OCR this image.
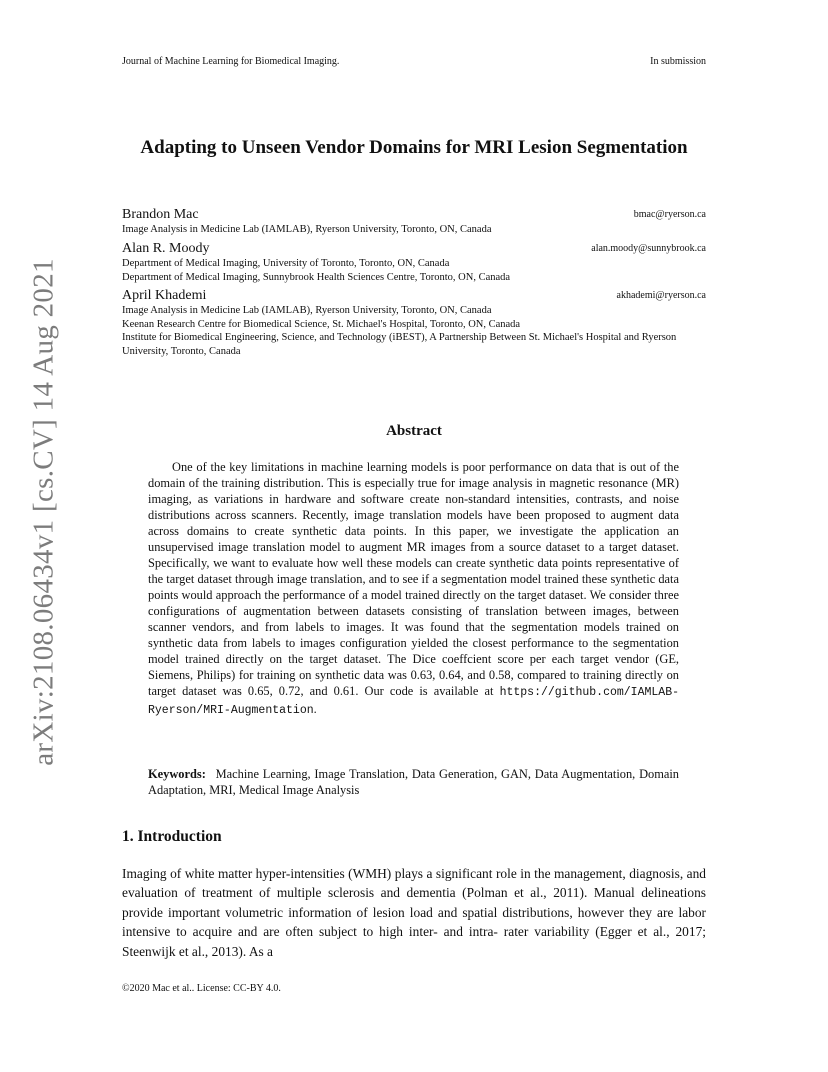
Journal of Machine Learning for Biomedical Imaging.	In submission
arXiv:2108.06434v1 [cs.CV] 14 Aug 2021
Adapting to Unseen Vendor Domains for MRI Lesion Segmentation
Brandon Mac	bmac@ryerson.ca
Image Analysis in Medicine Lab (IAMLAB), Ryerson University, Toronto, ON, Canada
Alan R. Moody	alan.moody@sunnybrook.ca
Department of Medical Imaging, University of Toronto, Toronto, ON, Canada
Department of Medical Imaging, Sunnybrook Health Sciences Centre, Toronto, ON, Canada
April Khademi	akhademi@ryerson.ca
Image Analysis in Medicine Lab (IAMLAB), Ryerson University, Toronto, ON, Canada
Keenan Research Centre for Biomedical Science, St. Michael's Hospital, Toronto, ON, Canada
Institute for Biomedical Engineering, Science, and Technology (iBEST), A Partnership Between St. Michael's Hospital and Ryerson University, Toronto, Canada
Abstract
One of the key limitations in machine learning models is poor performance on data that is out of the domain of the training distribution. This is especially true for image analysis in magnetic resonance (MR) imaging, as variations in hardware and software create non-standard intensities, contrasts, and noise distributions across scanners. Recently, image translation models have been proposed to augment data across domains to create synthetic data points. In this paper, we investigate the application an unsupervised image translation model to augment MR images from a source dataset to a target dataset. Specifically, we want to evaluate how well these models can create synthetic data points representative of the target dataset through image translation, and to see if a segmentation model trained these synthetic data points would approach the performance of a model trained directly on the target dataset. We consider three configurations of augmentation between datasets consisting of translation between images, between scanner vendors, and from labels to images. It was found that the segmentation models trained on synthetic data from labels to images configuration yielded the closest performance to the segmentation model trained directly on the target dataset. The Dice coeffcient score per each target vendor (GE, Siemens, Philips) for training on synthetic data was 0.63, 0.64, and 0.58, compared to training directly on target dataset was 0.65, 0.72, and 0.61. Our code is available at https://github.com/IAMLAB-Ryerson/MRI-Augmentation.
Keywords: Machine Learning, Image Translation, Data Generation, GAN, Data Augmentation, Domain Adaptation, MRI, Medical Image Analysis
1. Introduction
Imaging of white matter hyper-intensities (WMH) plays a significant role in the management, diagnosis, and evaluation of treatment of multiple sclerosis and dementia (Polman et al., 2011). Manual delineations provide important volumetric information of lesion load and spatial distributions, however they are labor intensive to acquire and are often subject to high inter- and intra- rater variability (Egger et al., 2017; Steenwijk et al., 2013). As a
©2020 Mac et al.. License: CC-BY 4.0.
